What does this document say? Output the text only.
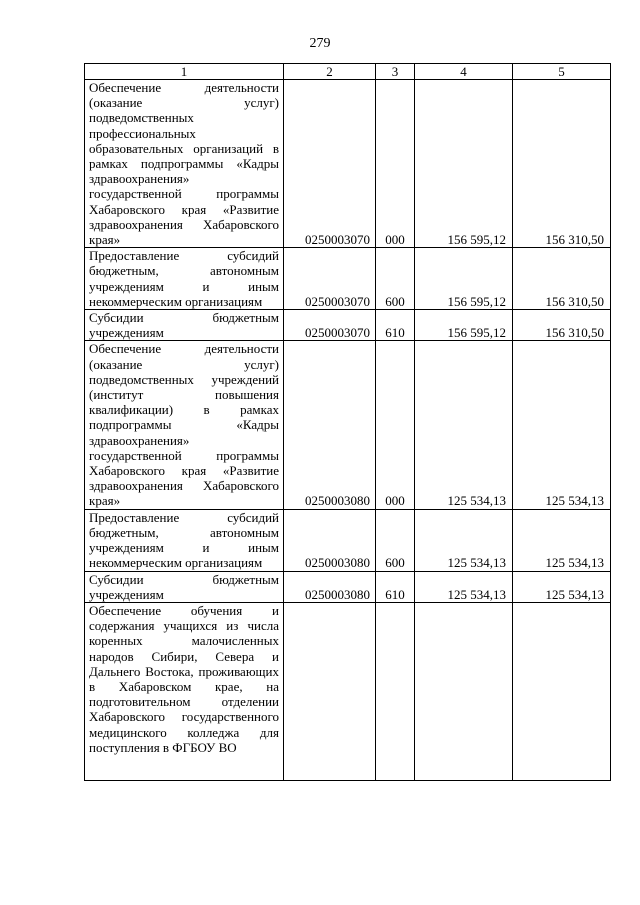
279
1	2	3	4	5
Обеспечение деятельности (оказание услуг) подведомственных профессиональных образовательных организаций в рамках подпрограммы «Кадры здравоохранения» государственной программы Хабаровского края «Развитие здравоохранения Хабаровского края»	0250003070	000	156 595,12	156 310,50
Предоставление субсидий бюджетным, автономным учреждениям и иным некоммерческим организациям	0250003070	600	156 595,12	156 310,50
Субсидии бюджетным учреждениям	0250003070	610	156 595,12	156 310,50
Обеспечение деятельности (оказание услуг) подведомственных учреждений (институт повышения квалификации) в рамках подпрограммы «Кадры здравоохранения» государственной программы Хабаровского края «Развитие здравоохранения Хабаровского края»	0250003080	000	125 534,13	125 534,13
Предоставление субсидий бюджетным, автономным учреждениям и иным некоммерческим организациям	0250003080	600	125 534,13	125 534,13
Субсидии бюджетным учреждениям	0250003080	610	125 534,13	125 534,13

Обеспечение обучения и содержания учащихся из числа коренных малочисленных народов Сибири, Севера и Дальнего Востока, проживающих в Хабаровском крае, на подготовительном отделении Хабаровского государственного медицинского колледжа для поступления в ФГБОУ ВО				
